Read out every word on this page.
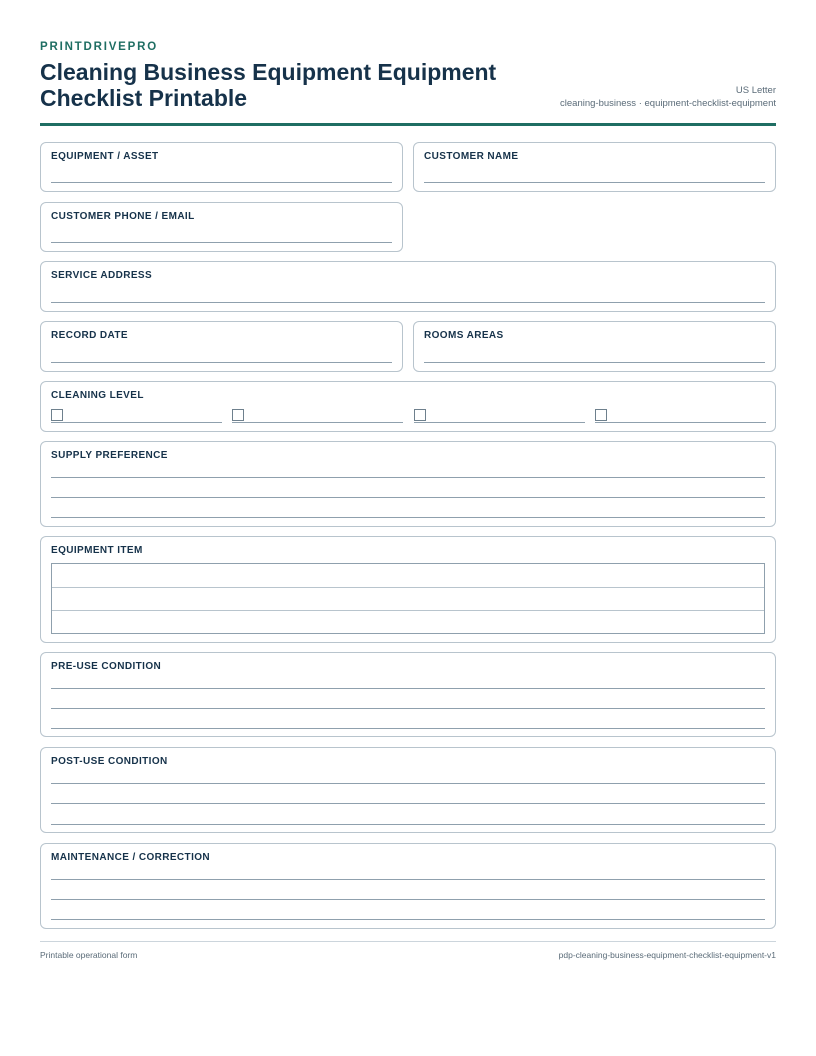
PRINTDRIVEPRO
Cleaning Business Equipment Equipment Checklist Printable	US Letter
cleaning-business · equipment-checklist-equipment
EQUIPMENT / ASSET	CUSTOMER NAME
CUSTOMER PHONE / EMAIL
SERVICE ADDRESS
RECORD DATE	ROOMS AREAS
CLEANING LEVEL
SUPPLY PREFERENCE
EQUIPMENT ITEM
PRE-USE CONDITION
POST-USE CONDITION
MAINTENANCE / CORRECTION
Printable operational form	pdp-cleaning-business-equipment-checklist-equipment-v1
